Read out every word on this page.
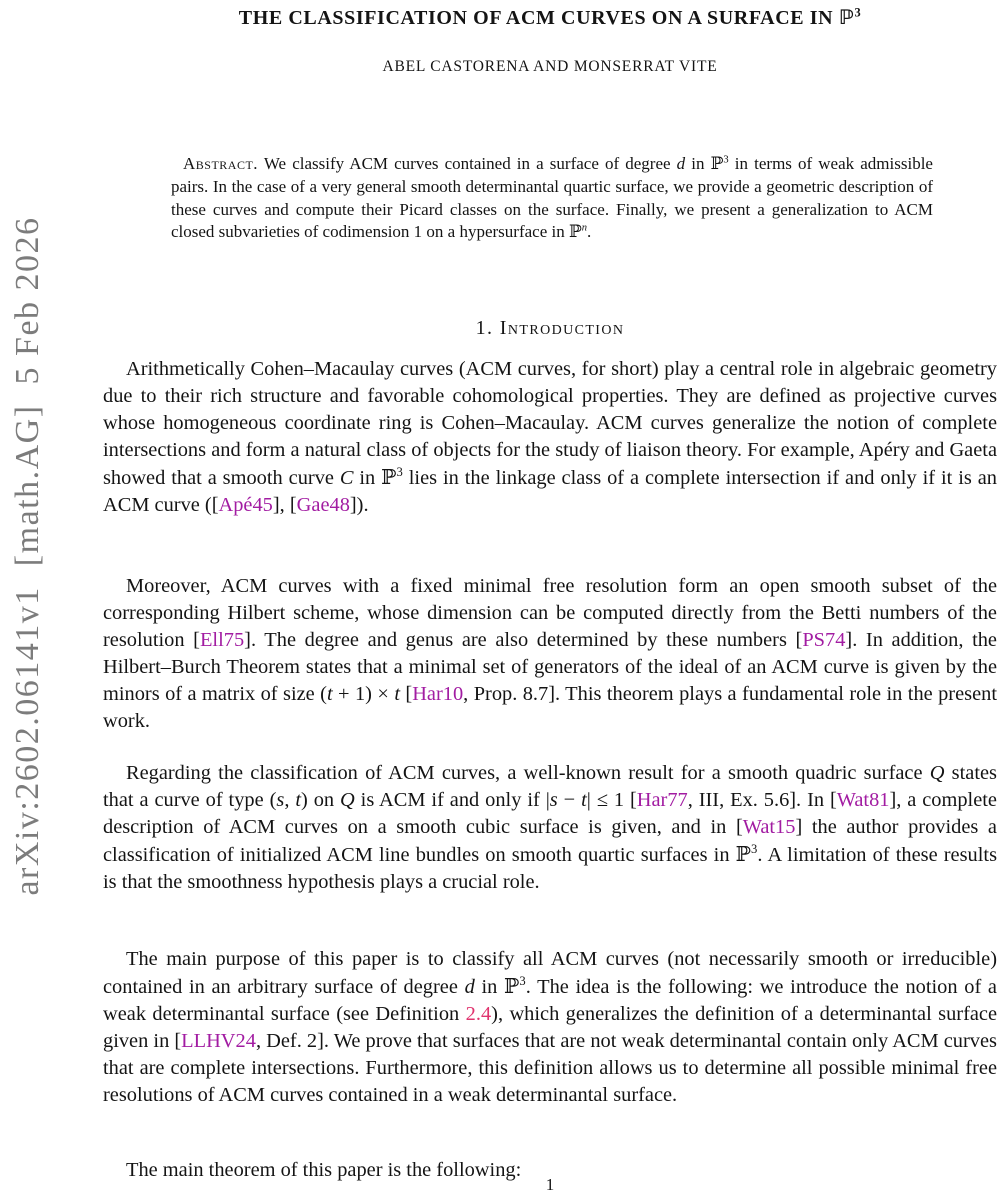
arXiv:2602.06141v1  [math.AG]  5 Feb 2026
THE CLASSIFICATION OF ACM CURVES ON A SURFACE IN ℙ$^3$
ABEL CASTORENA AND MONSERRAT VITE

Abstract. We classify ACM curves contained in a surface of degree d in ℙ$^3$ in terms of weak admissible pairs. In the case of a very general smooth determinantal quartic surface, we provide a geometric description of these curves and compute their Picard classes on the surface. Finally, we present a generalization to ACM closed subvarieties of codimension 1 on a hypersurface in ℙ$^n$.

1. Introduction

Arithmetically Cohen–Macaulay curves (ACM curves, for short) play a central role in algebraic geometry due to their rich structure and favorable cohomological properties. They are defined as projective curves whose homogeneous coordinate ring is Cohen–Macaulay. ACM curves generalize the notion of complete intersections and form a natural class of objects for the study of liaison theory. For example, Apéry and Gaeta showed that a smooth curve C in ℙ$^3$ lies in the linkage class of a complete intersection if and only if it is an ACM curve ([Apé45], [Gae48]).

Moreover, ACM curves with a fixed minimal free resolution form an open smooth subset of the corresponding Hilbert scheme, whose dimension can be computed directly from the Betti numbers of the resolution [Ell75]. The degree and genus are also determined by these numbers [PS74]. In addition, the Hilbert–Burch Theorem states that a minimal set of generators of the ideal of an ACM curve is given by the minors of a matrix of size (t + 1) × t [Har10, Prop. 8.7]. This theorem plays a fundamental role in the present work.

Regarding the classification of ACM curves, a well-known result for a smooth quadric surface Q states that a curve of type (s, t) on Q is ACM if and only if |s − t| ≤ 1 [Har77, III, Ex. 5.6]. In [Wat81], a complete description of ACM curves on a smooth cubic surface is given, and in [Wat15] the author provides a classification of initialized ACM line bundles on smooth quartic surfaces in ℙ$^3$. A limitation of these results is that the smoothness hypothesis plays a crucial role.

The main purpose of this paper is to classify all ACM curves (not necessarily smooth or irreducible) contained in an arbitrary surface of degree d in ℙ$^3$. The idea is the following: we introduce the notion of a weak determinantal surface (see Definition 2.4), which generalizes the definition of a determinantal surface given in [LLHV24, Def. 2]. We prove that surfaces that are not weak determinantal contain only ACM curves that are complete intersections. Furthermore, this definition allows us to determine all possible minimal free resolutions of ACM curves contained in a weak determinantal surface.

The main theorem of this paper is the following:

1
